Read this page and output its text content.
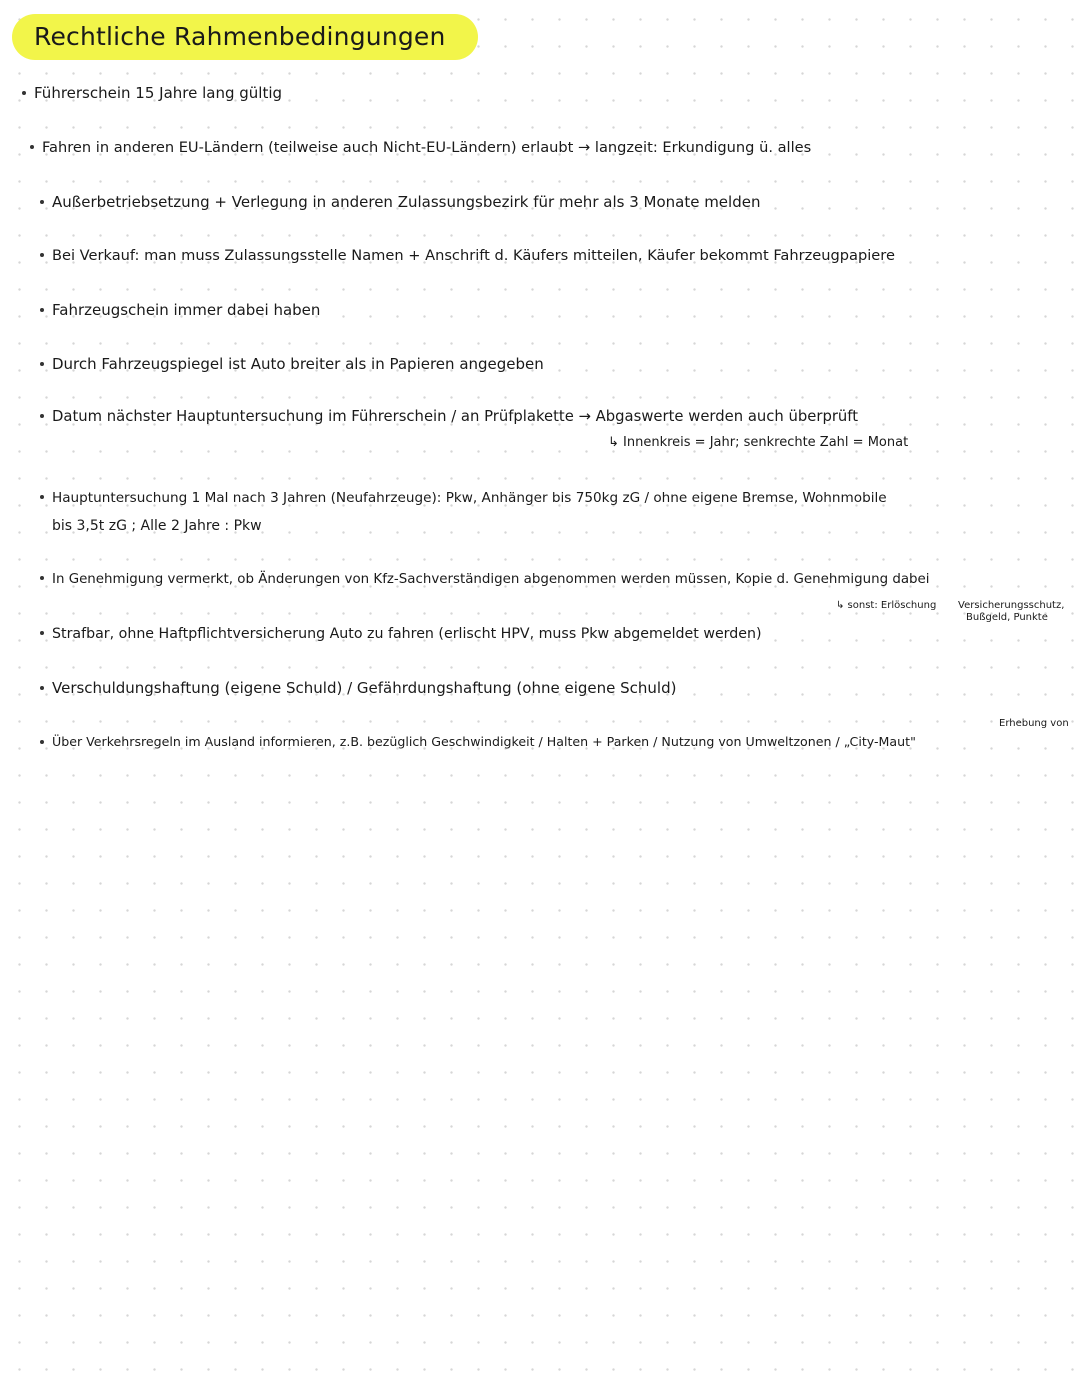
Rechtliche Rahmenbedingungen
Führerschein 15 Jahre lang gültig
Fahren in anderen EU-Ländern (teilweise auch Nicht-EU-Ländern) erlaubt → langzeit: Erkundigung ü. alles
Außerbetriebsetzung + Verlegung in anderen Zulassungsbezirk für mehr als 3 Monate melden
Bei Verkauf: man muss Zulassungsstelle Namen + Anschrift d. Käufers mitteilen, Käufer bekommt Fahrzeugpapiere
Fahrzeugschein immer dabei haben
Durch Fahrzeugspiegel ist Auto breiter als in Papieren angegeben
Datum nächster Hauptuntersuchung im Führerschein / an Prüfplakette → Abgaswerte werden auch überprüft
↳ Innenkreis = Jahr; senkrechte Zahl = Monat
Hauptuntersuchung 1 Mal nach 3 Jahren (Neufahrzeuge): Pkw, Anhänger bis 750kg zG / ohne eigene Bremse, Wohnmobile
bis 3,5t zG ; Alle 2 Jahre : Pkw
In Genehmigung vermerkt, ob Änderungen von Kfz-Sachverständigen abgenommen werden müssen, Kopie d. Genehmigung dabei
↳ sonst: Erlöschung Versicherungsschutz,
Bußgeld, Punkte
Strafbar, ohne Haftpflichtversicherung Auto zu fahren (erlischt HPV, muss Pkw abgemeldet werden)
Verschuldungshaftung (eigene Schuld) / Gefährdungshaftung (ohne eigene Schuld)
Erhebung von
Über Verkehrsregeln im Ausland informieren, z.B. bezüglich Geschwindigkeit / Halten + Parken / Nutzung von Umweltzonen / „City-Maut"
